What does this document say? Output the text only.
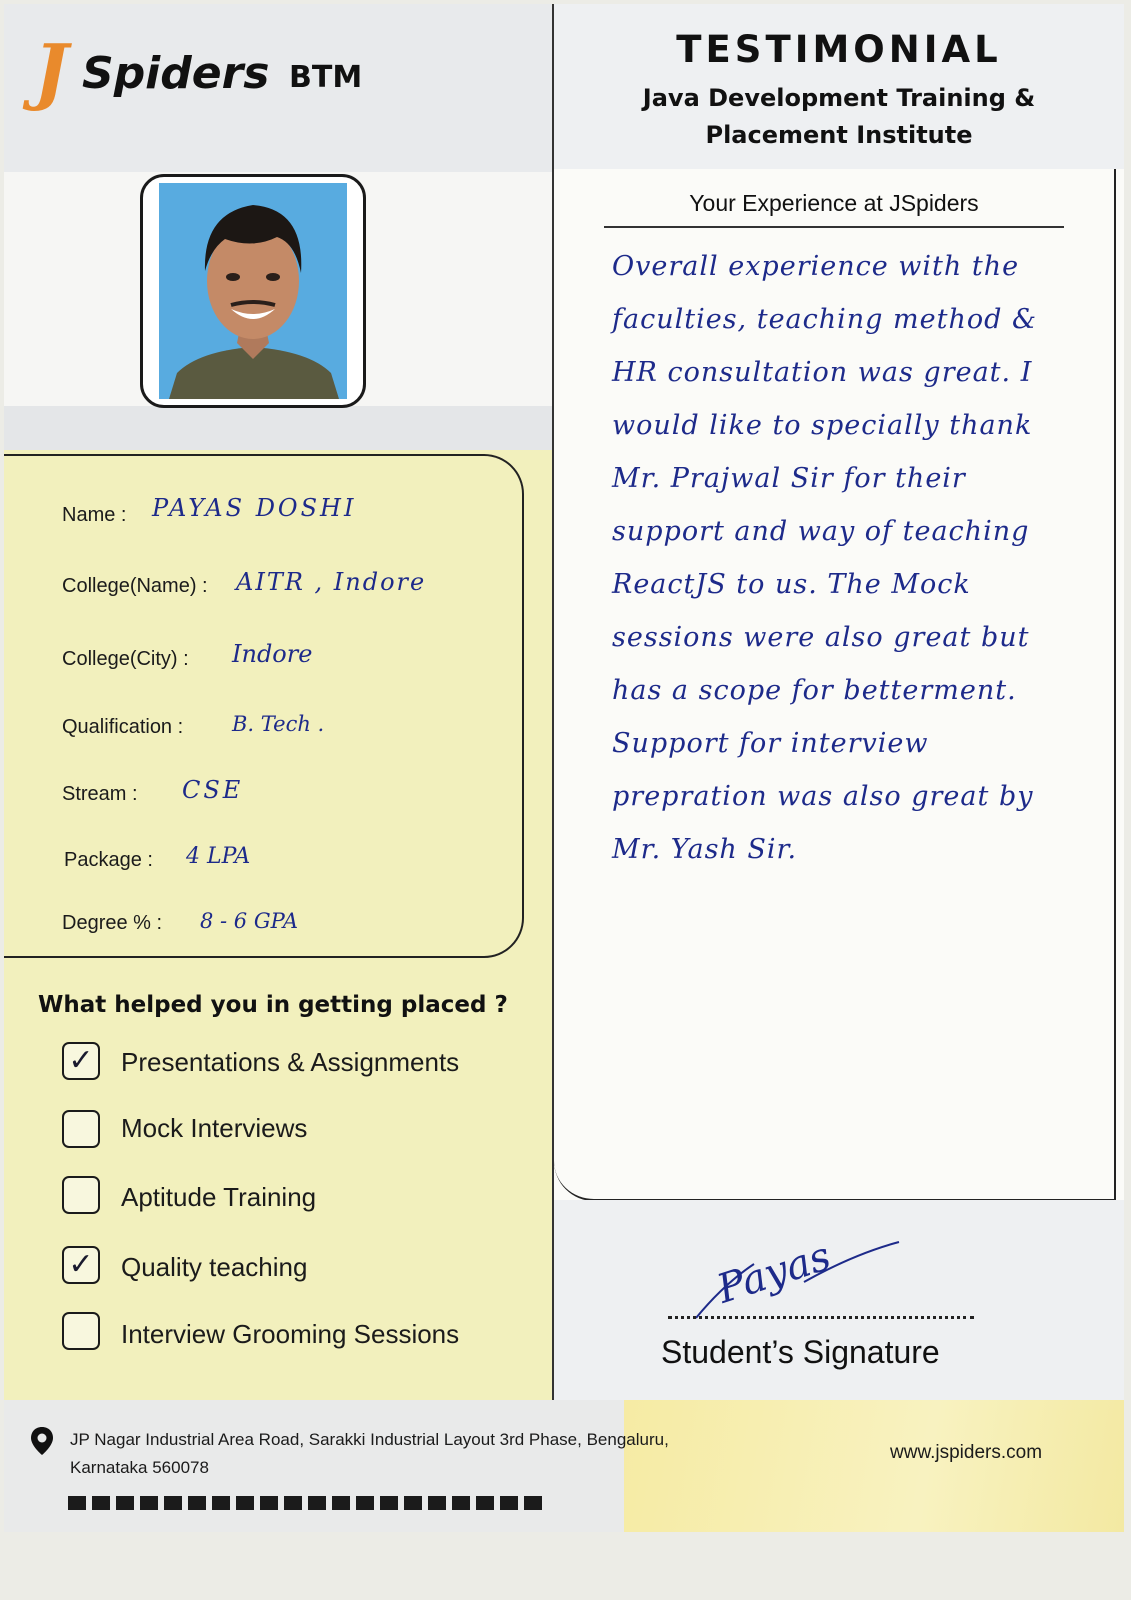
J Spiders BTM
TESTIMONIAL
Java Development Training &
Placement Institute
Name : PAYAS DOSHI
College(Name) : AITR , Indore
College(City) : Indore
Qualification : B. Tech .
Stream : CSE
Package : 4 LPA
Degree % : 8 - 6 GPA
What helped you in getting placed ?
✓ Presentations & Assignments
Mock Interviews
Aptitude Training
✓ Quality teaching
Interview Grooming Sessions
Your Experience at JSpiders
Overall experience with the faculties, teaching method & HR consultation was great. I would like to specially thank Mr. Prajwal Sir for their support and way of teaching ReactJS to us. The Mock sessions were also great but has a scope for betterment. Support for interview prepration was also great by Mr. Yash Sir.
Payas
Student’s Signature
JP Nagar Industrial Area Road, Sarakki Industrial Layout 3rd Phase, Bengaluru,
Karnataka 560078
www.jspiders.com
